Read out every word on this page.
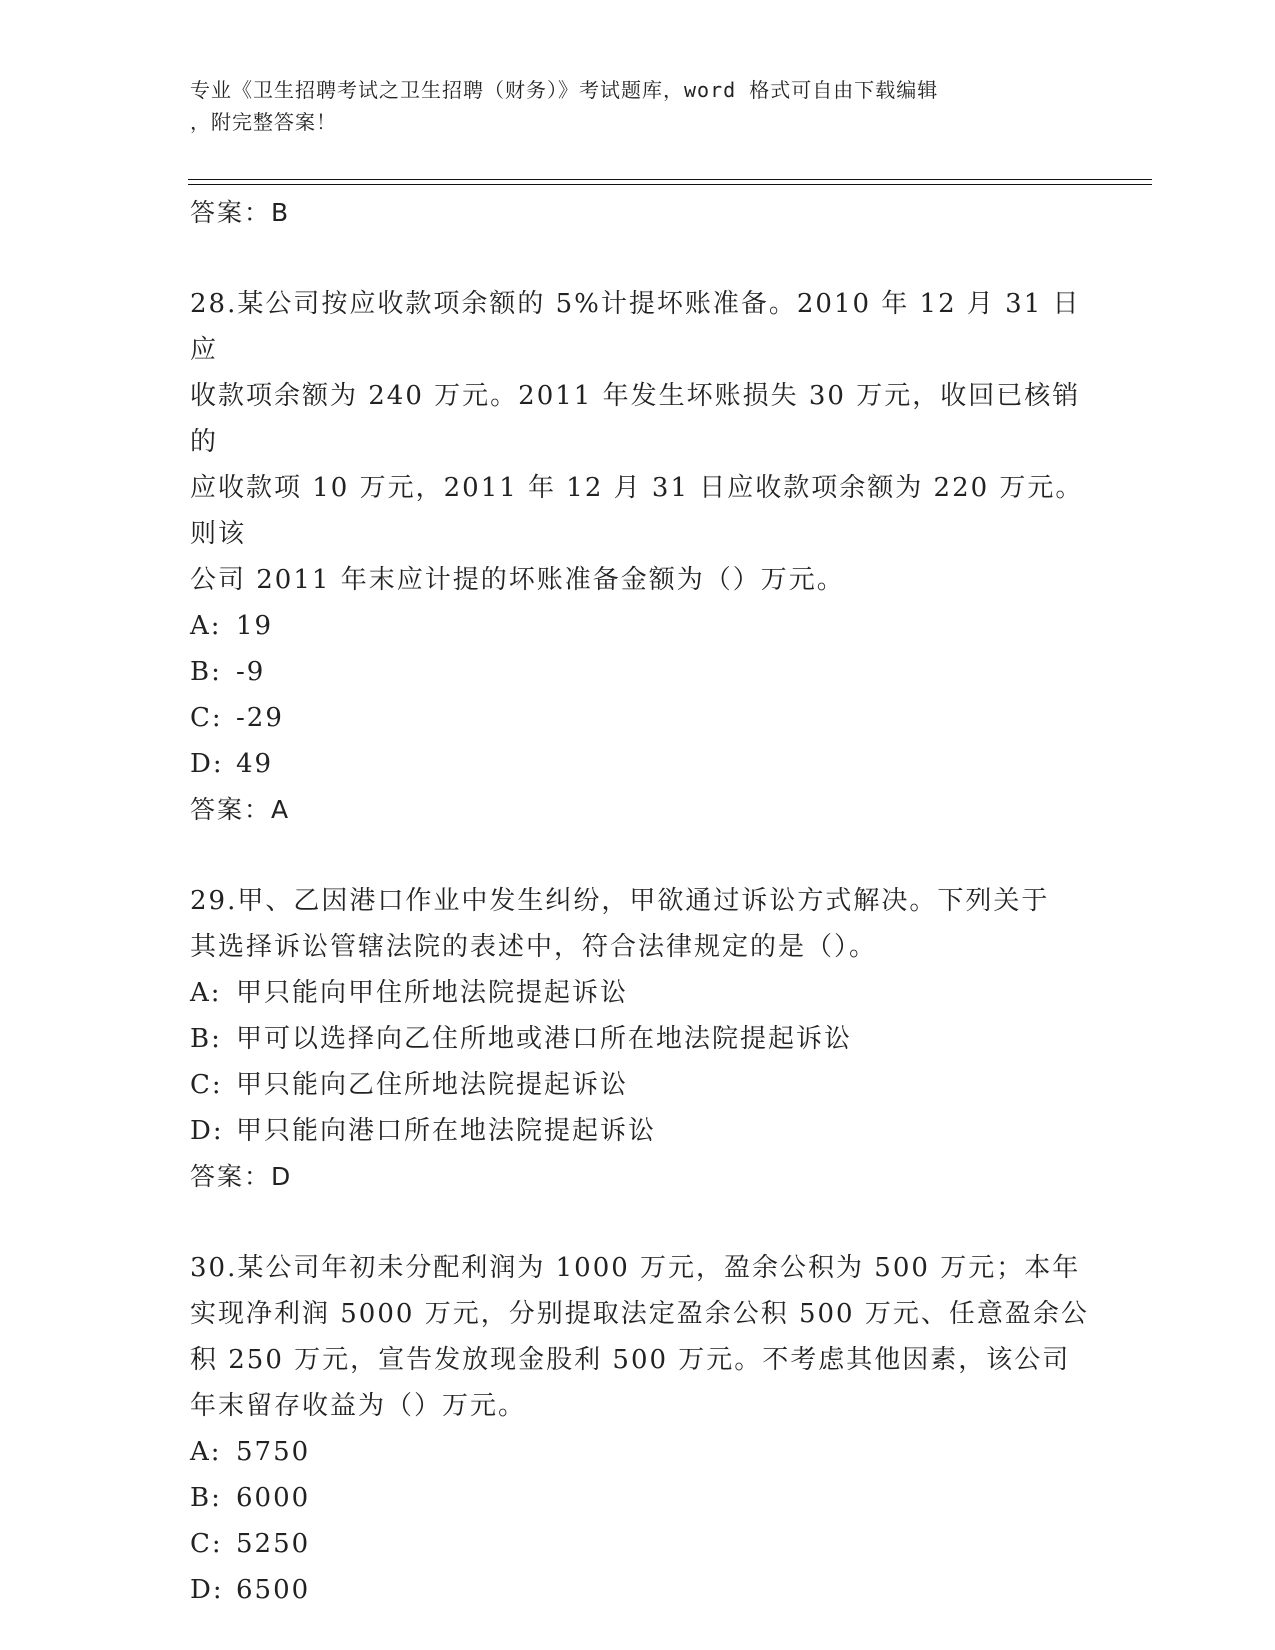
专业《卫生招聘考试之卫生招聘（财务）》考试题库，word 格式可自由下载编辑
，附完整答案！
答案：B
28.某公司按应收款项余额的 5%计提坏账准备。2010 年 12 月 31 日应
收款项余额为 240 万元。2011 年发生坏账损失 30 万元，收回已核销的
应收款项 10 万元，2011 年 12 月 31 日应收款项余额为 220 万元。则该
公司 2011 年末应计提的坏账准备金额为（）万元。
A: 19
B: -9
C: -29
D: 49
答案：A
29.甲、乙因港口作业中发生纠纷，甲欲通过诉讼方式解决。下列关于
其选择诉讼管辖法院的表述中，符合法律规定的是（）。
A: 甲只能向甲住所地法院提起诉讼
B: 甲可以选择向乙住所地或港口所在地法院提起诉讼
C: 甲只能向乙住所地法院提起诉讼
D: 甲只能向港口所在地法院提起诉讼
答案：D
30.某公司年初未分配利润为 1000 万元，盈余公积为 500 万元；本年
实现净利润 5000 万元，分别提取法定盈余公积 500 万元、任意盈余公
积 250 万元，宣告发放现金股利 500 万元。不考虑其他因素，该公司
年末留存收益为（）万元。
A: 5750
B: 6000
C: 5250
D: 6500
